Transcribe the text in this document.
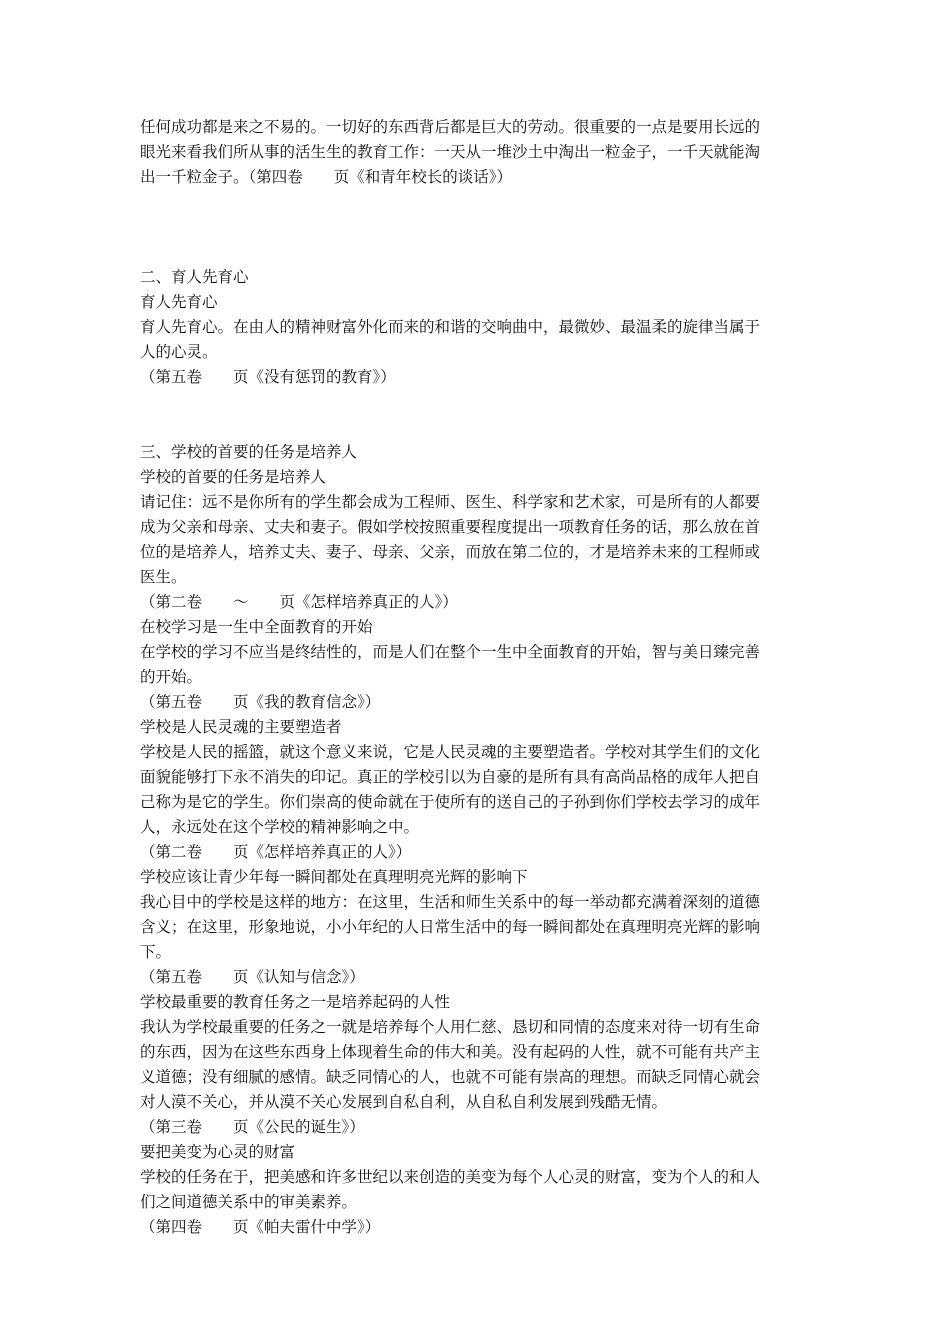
任何成功都是来之不易的。一切好的东西背后都是巨大的劳动。很重要的一点是要用长远的
眼光来看我们所从事的活生生的教育工作：一天从一堆沙土中淘出一粒金子，一千天就能淘
出一千粒金子。（第四卷　　页《和青年校长的谈话》）
二、育人先育心
育人先育心
育人先育心。在由人的精神财富外化而来的和谐的交响曲中，最微妙、最温柔的旋律当属于
人的心灵。
（第五卷　　页《没有惩罚的教育》）
三、学校的首要的任务是培养人
学校的首要的任务是培养人
请记住：远不是你所有的学生都会成为工程师、医生、科学家和艺术家，可是所有的人都要
成为父亲和母亲、丈夫和妻子。假如学校按照重要程度提出一项教育任务的话，那么放在首
位的是培养人，培养丈夫、妻子、母亲、父亲，而放在第二位的，才是培养未来的工程师或
医生。
（第二卷　　～　　页《怎样培养真正的人》）
在校学习是一生中全面教育的开始
在学校的学习不应当是终结性的，而是人们在整个一生中全面教育的开始，智与美日臻完善
的开始。
（第五卷　　页《我的教育信念》）
学校是人民灵魂的主要塑造者
学校是人民的摇篮，就这个意义来说，它是人民灵魂的主要塑造者。学校对其学生们的文化
面貌能够打下永不消失的印记。真正的学校引以为自豪的是所有具有高尚品格的成年人把自
己称为是它的学生。你们崇高的使命就在于使所有的送自己的子孙到你们学校去学习的成年
人，永远处在这个学校的精神影响之中。
（第二卷　　页《怎样培养真正的人》）
学校应该让青少年每一瞬间都处在真理明亮光辉的影响下
我心目中的学校是这样的地方：在这里，生活和师生关系中的每一举动都充满着深刻的道德
含义；在这里，形象地说，小小年纪的人日常生活中的每一瞬间都处在真理明亮光辉的影响
下。
（第五卷　　页《认知与信念》）
学校最重要的教育任务之一是培养起码的人性
我认为学校最重要的任务之一就是培养每个人用仁慈、恳切和同情的态度来对待一切有生命
的东西，因为在这些东西身上体现着生命的伟大和美。没有起码的人性，就不可能有共产主
义道德；没有细腻的感情。缺乏同情心的人，也就不可能有崇高的理想。而缺乏同情心就会
对人漠不关心，并从漠不关心发展到自私自利，从自私自利发展到残酷无情。
（第三卷　　页《公民的诞生》）
要把美变为心灵的财富
学校的任务在于，把美感和许多世纪以来创造的美变为每个人心灵的财富，变为个人的和人
们之间道德关系中的审美素养。
（第四卷　　页《帕夫雷什中学》）
